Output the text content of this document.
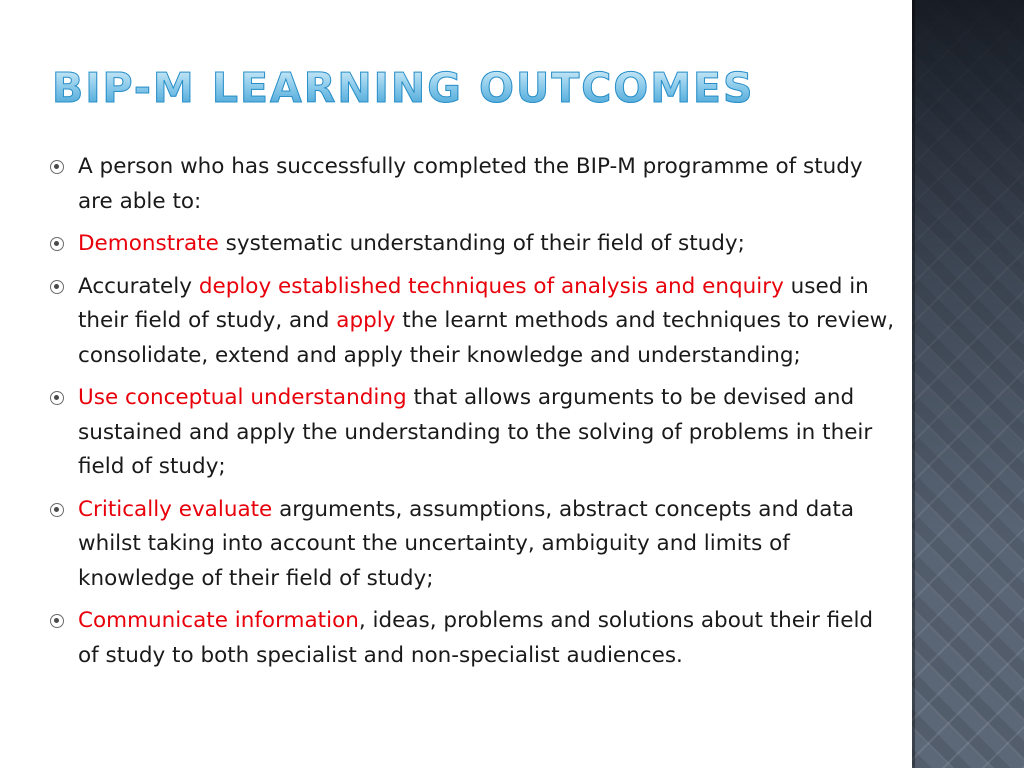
BIP-M LEARNING OUTCOMES
A person who has successfully completed the BIP-M programme of study are able to:
Demonstrate systematic understanding of their field of study;
Accurately deploy established techniques of analysis and enquiry used in their field of study, and apply the learnt methods and techniques to review, consolidate, extend and apply their knowledge and understanding;
Use conceptual understanding that allows arguments to be devised and sustained and apply the understanding to the solving of problems in their field of study;
Critically evaluate arguments, assumptions, abstract concepts and data whilst taking into account the uncertainty, ambiguity and limits of knowledge of their field of study;
Communicate information, ideas, problems and solutions about their field of study to both specialist and non-specialist audiences.
